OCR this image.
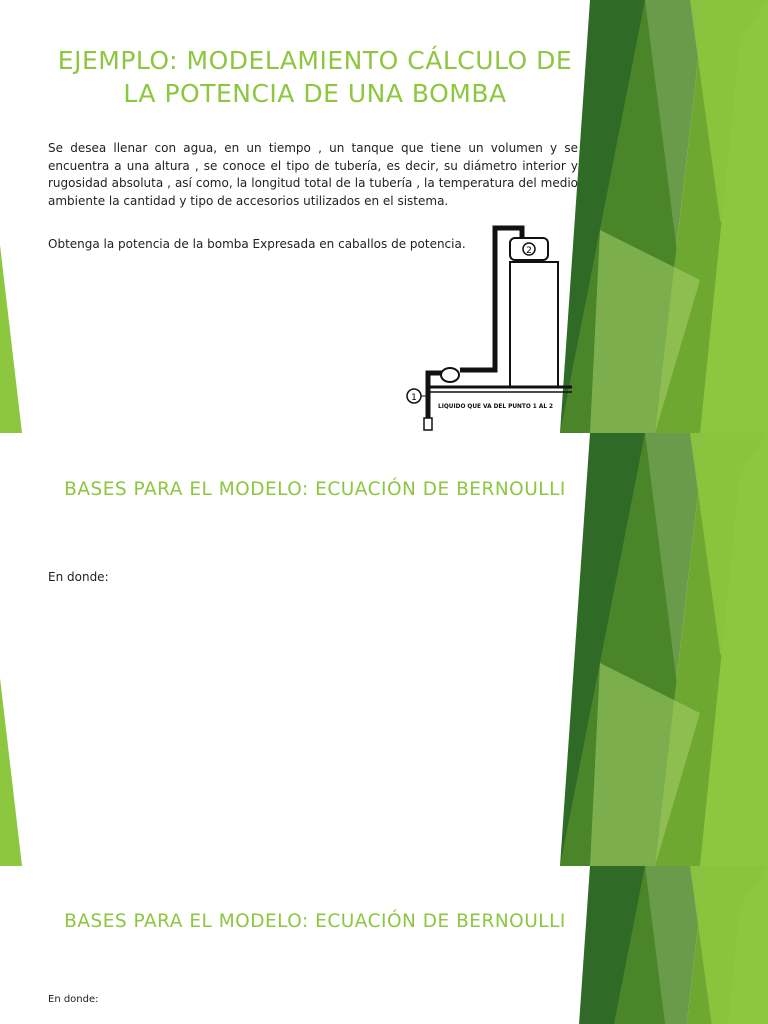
EJEMPLO: MODELAMIENTO CÁLCULO DE LA POTENCIA DE UNA BOMBA

Se desea llenar con agua, en un tiempo , un tanque que tiene un volumen y se encuentra a una altura , se conoce el tipo de tubería, es decir, su diámetro interior y rugosidad absoluta , así como, la longitud total de la tubería , la temperatura del medio ambiente la cantidad y tipo de accesorios utilizados en el sistema.

Obtenga la potencia de la bomba Expresada en caballos de potencia.	2
1
LIQUIDO QUE VA DEL PUNTO 1 AL 2
BASES PARA EL MODELO: ECUACIÓN DE BERNOULLI

En donde:

BASES PARA EL MODELO: ECUACIÓN DE BERNOULLI

En donde:
